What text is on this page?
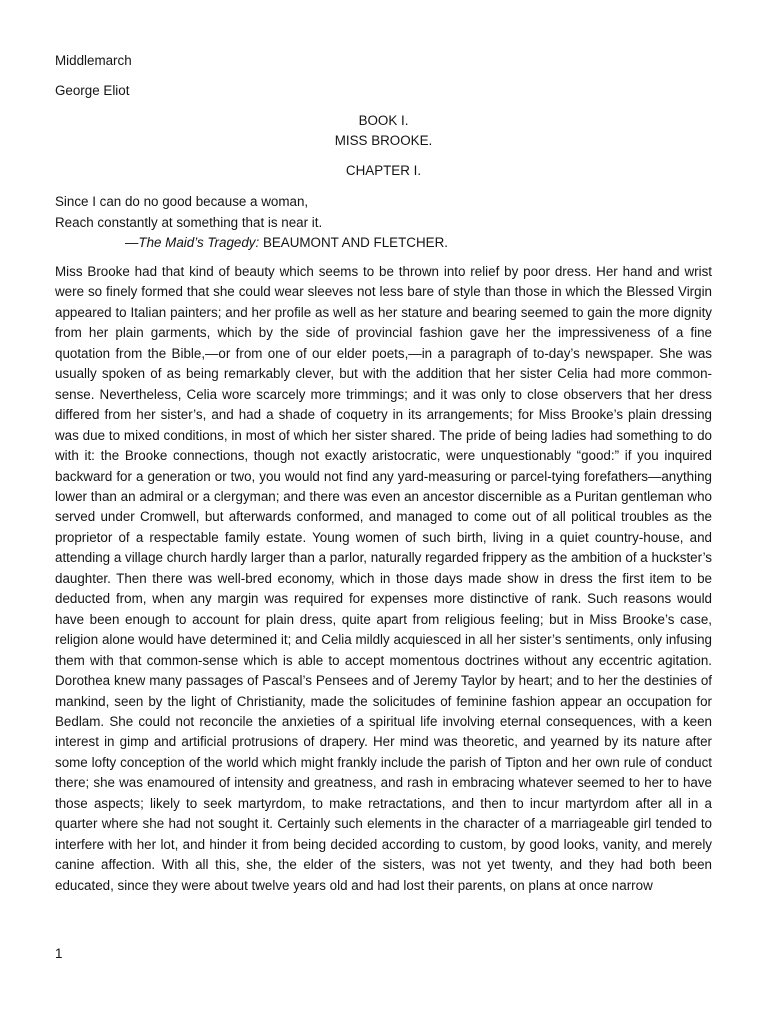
Middlemarch
George Eliot
BOOK I.
MISS BROOKE.
CHAPTER I.
Since I can do no good because a woman,
Reach constantly at something that is near it.
—The Maid’s Tragedy: BEAUMONT AND FLETCHER.

Miss Brooke had that kind of beauty which seems to be thrown into relief by poor dress. Her hand and wrist were so finely formed that she could wear sleeves not less bare of style than those in which the Blessed Virgin appeared to Italian painters; and her profile as well as her stature and bearing seemed to gain the more dignity from her plain garments, which by the side of provincial fashion gave her the impressiveness of a fine quotation from the Bible,—or from one of our elder poets,—in a paragraph of to-day’s newspaper. She was usually spoken of as being remarkably clever, but with the addition that her sister Celia had more common-sense. Nevertheless, Celia wore scarcely more trimmings; and it was only to close observers that her dress differed from her sister’s, and had a shade of coquetry in its arrangements; for Miss Brooke’s plain dressing was due to mixed conditions, in most of which her sister shared. The pride of being ladies had something to do with it: the Brooke connections, though not exactly aristocratic, were unquestionably “good:” if you inquired backward for a generation or two, you would not find any yard-measuring or parcel-tying forefathers—anything lower than an admiral or a clergyman; and there was even an ancestor discernible as a Puritan gentleman who served under Cromwell, but afterwards conformed, and managed to come out of all political troubles as the proprietor of a respectable family estate. Young women of such birth, living in a quiet country-house, and attending a village church hardly larger than a parlor, naturally regarded frippery as the ambition of a huckster’s daughter. Then there was well-bred economy, which in those days made show in dress the first item to be deducted from, when any margin was required for expenses more distinctive of rank. Such reasons would have been enough to account for plain dress, quite apart from religious feeling; but in Miss Brooke’s case, religion alone would have determined it; and Celia mildly acquiesced in all her sister’s sentiments, only infusing them with that common-sense which is able to accept momentous doctrines without any eccentric agitation. Dorothea knew many passages of Pascal’s Pensees and of Jeremy Taylor by heart; and to her the destinies of mankind, seen by the light of Christianity, made the solicitudes of feminine fashion appear an occupation for Bedlam. She could not reconcile the anxieties of a spiritual life involving eternal consequences, with a keen interest in gimp and artificial protrusions of drapery. Her mind was theoretic, and yearned by its nature after some lofty conception of the world which might frankly include the parish of Tipton and her own rule of conduct there; she was enamoured of intensity and greatness, and rash in embracing whatever seemed to her to have those aspects; likely to seek martyrdom, to make retractations, and then to incur martyrdom after all in a quarter where she had not sought it. Certainly such elements in the character of a marriageable girl tended to interfere with her lot, and hinder it from being decided according to custom, by good looks, vanity, and merely canine affection. With all this, she, the elder of the sisters, was not yet twenty, and they had both been educated, since they were about twelve years old and had lost their parents, on plans at once narrow

1
